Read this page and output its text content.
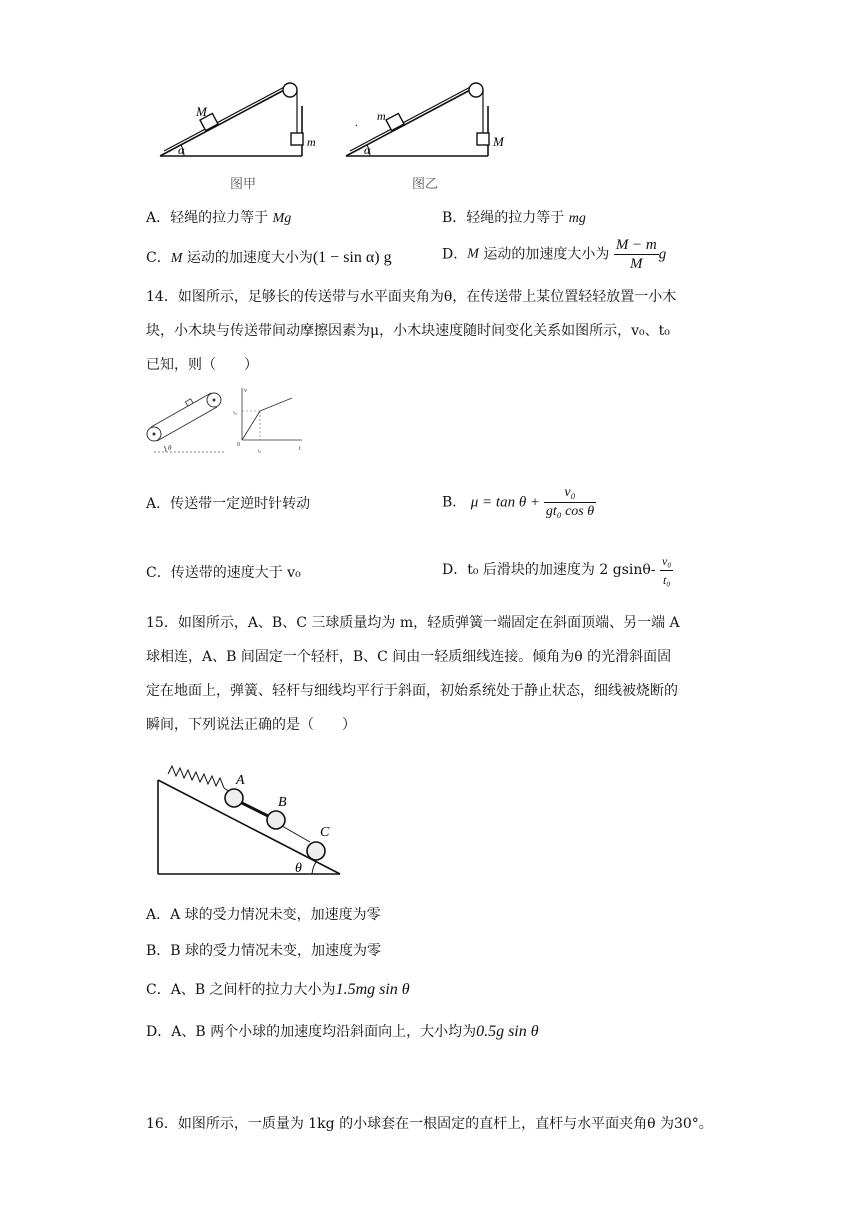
M
m
α
. m
M
α
图甲	图乙
A．轻绳的拉力等于 Mg	B．轻绳的拉力等于 mg
C．M 运动的加速度大小为(1 − sin α) g	D．M 运动的加速度大小为 $\frac{M - m}{M}$ g
14．如图所示，足够长的传送带与水平面夹角为θ，在传送带上某位置轻轻放置一小木
块，小木块与传送带间动摩擦因素为μ，小木块速度随时间变化关系如图所示，v₀、t₀
已知，则（　　）
θ
v
v₀
0
t₀	t
A．传送带一定逆时针转动	B． $\mu = \tan \theta + \frac{\text{v₀}}{\text{gt₀ cos θ}}$
C．传送带的速度大于 v₀	D．t₀ 后滑块的加速度为 2 $gsin\theta- \frac{\text{v₀}}{\text{t₀}}$
15．如图所示，A、B、C 三球质量均为 m，轻质弹簧一端固定在斜面顶端、另一端 A
球相连，A、B 间固定一个轻杆，B、C 间由一轻质细线连接。倾角为θ 的光滑斜面固
定在地面上，弹簧、轻杆与细线均平行于斜面，初始系统处于静止状态，细线被烧断的
瞬间，下列说法正确的是（　　）
A
B
C
θ
A．A 球的受力情况未变，加速度为零
B．B 球的受力情况未变，加速度为零
C．A、B 之间杆的拉力大小为1.5mg sin θ
D．A、B 两个小球的加速度均沿斜面向上，大小均为0.5g sin θ
16．如图所示，一质量为 1kg 的小球套在一根固定的直杆上，直杆与水平面夹角θ 为30°。
